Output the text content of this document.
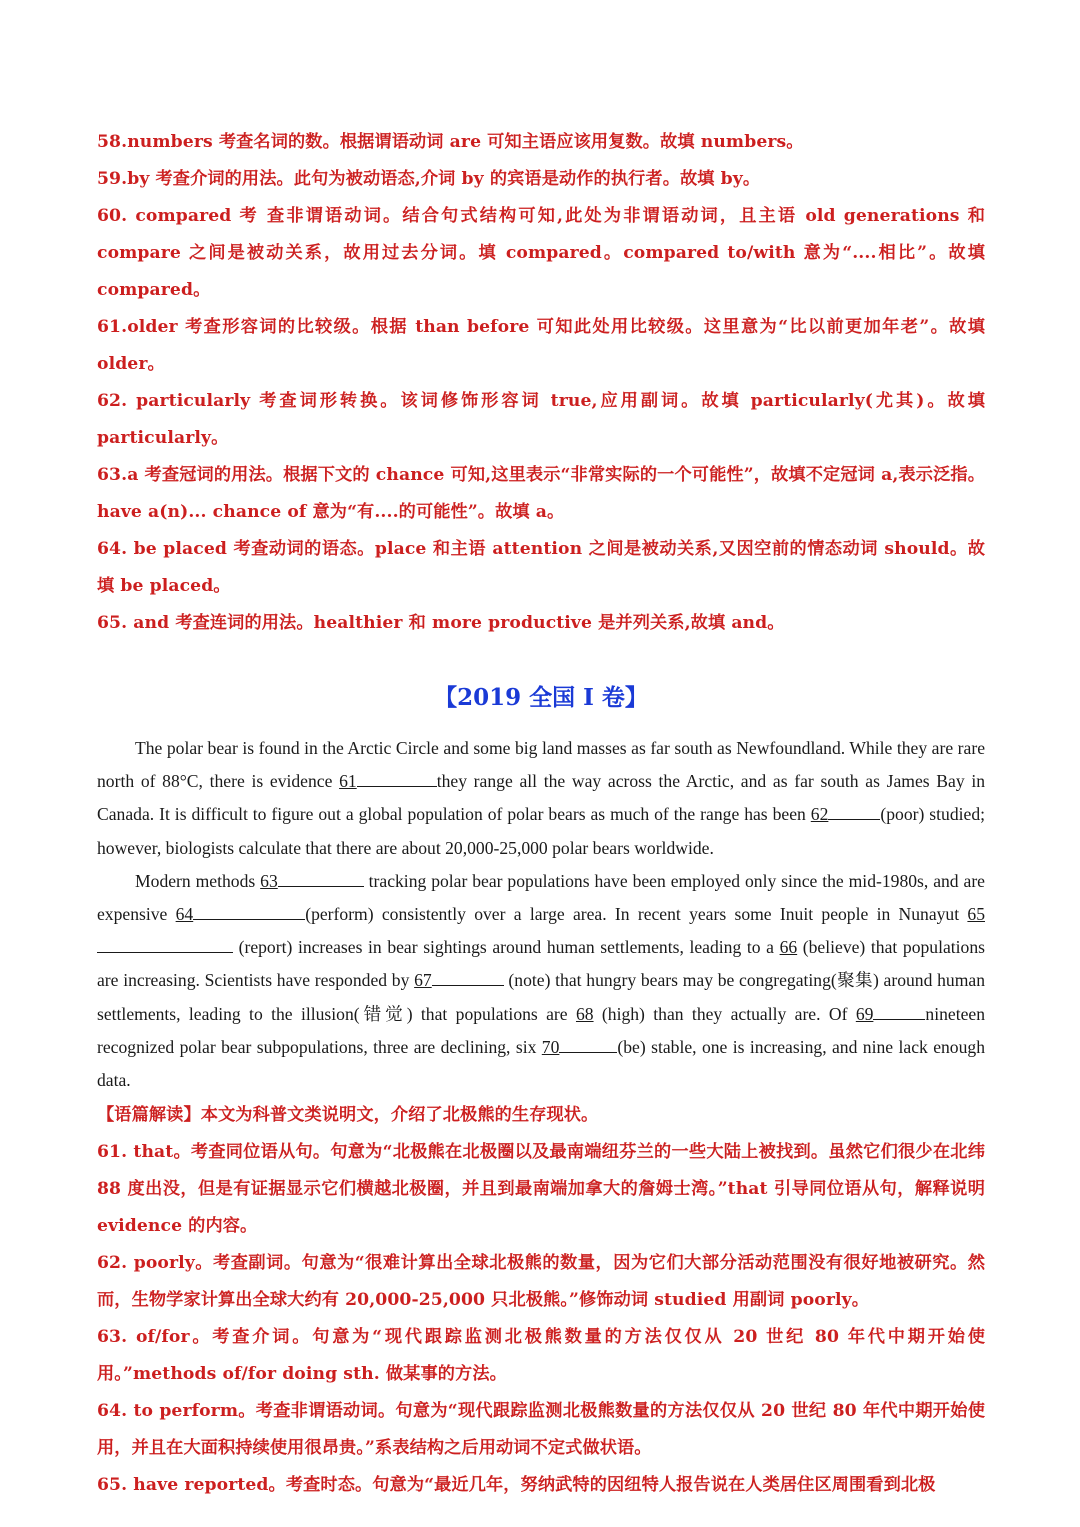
58.numbers 考查名词的数。根据谓语动词 are 可知主语应该用复数。故填 numbers。

59.by 考查介词的用法。此句为被动语态,介词 by 的宾语是动作的执行者。故填 by。

60. compared 考 查非谓语动词。结合句式结构可知,此处为非谓语动词，且主语 old generations 和 compare 之间是被动关系，故用过去分词。填 compared。compared to/with 意为“....相比”。故填 compared。

61.older 考查形容词的比较级。根据 than before 可知此处用比较级。这里意为“比以前更加年老”。故填 older。

62. particularly 考查词形转换。该词修饰形容词 true,应用副词。故填 particularly(尤其)。故填 particularly。

63.a 考查冠词的用法。根据下文的 chance 可知,这里表示“非常实际的一个可能性”，故填不定冠词 a,表示泛指。have a(n)... chance of 意为“有....的可能性”。故填 a。

64. be placed 考查动词的语态。place 和主语 attention 之间是被动关系,又因空前的情态动词 should。故填 be placed。

65. and 考查连词的用法。healthier 和 more productive 是并列关系,故填 and。

【2019 全国 I 卷】

The polar bear is found in the Arctic Circle and some big land masses as far south as Newfoundland. While they are rare north of 88°C, there is evidence 61	they range all the way across the Arctic, and as far south as James Bay in Canada. It is difficult to figure out a global population of polar bears as much of the range has been 62	(poor) studied; however, biologists calculate that there are about 20,000-25,000 polar bears worldwide.

Modern methods 63	tracking polar bear populations have been employed only since the mid-1980s, and are expensive 64	(perform) consistently over a large area. In recent years some Inuit people in Nunayut 65 (report) increases in bear sightings around human settlements, leading to a 66 (believe) that populations are increasing. Scientists have responded by 67	(note) that hungry bears may be congregating(聚集) around human settlements, leading to the illusion(错觉) that populations are 68 (high) than they actually are. Of 69	nineteen recognized polar bear subpopulations, three are declining, six 70	(be) stable, one is increasing, and nine lack enough data.

【语篇解读】本文为科普文类说明文，介绍了北极熊的生存现状。

61. that。考查同位语从句。句意为“北极熊在北极圈以及最南端纽芬兰的一些大陆上被找到。虽然它们很少在北纬 88 度出没，但是有证据显示它们横越北极圈，并且到最南端加拿大的詹姆士湾。”that 引导同位语从句，解释说明 evidence 的内容。

62. poorly。考查副词。句意为“很难计算出全球北极熊的数量，因为它们大部分活动范围没有很好地被研究。然而，生物学家计算出全球大约有 20,000-25,000 只北极熊。”修饰动词 studied 用副词 poorly。

63. of/for。考查介词。句意为“现代跟踪监测北极熊数量的方法仅仅从 20 世纪 80 年代中期开始使用。”methods of/for doing sth. 做某事的方法。

64. to perform。考查非谓语动词。句意为“现代跟踪监测北极熊数量的方法仅仅从 20 世纪 80 年代中期开始使用，并且在大面积持续使用很昂贵。”系表结构之后用动词不定式做状语。

65. have reported。考查时态。句意为“最近几年，努纳武特的因纽特人报告说在人类居住区周围看到北极
